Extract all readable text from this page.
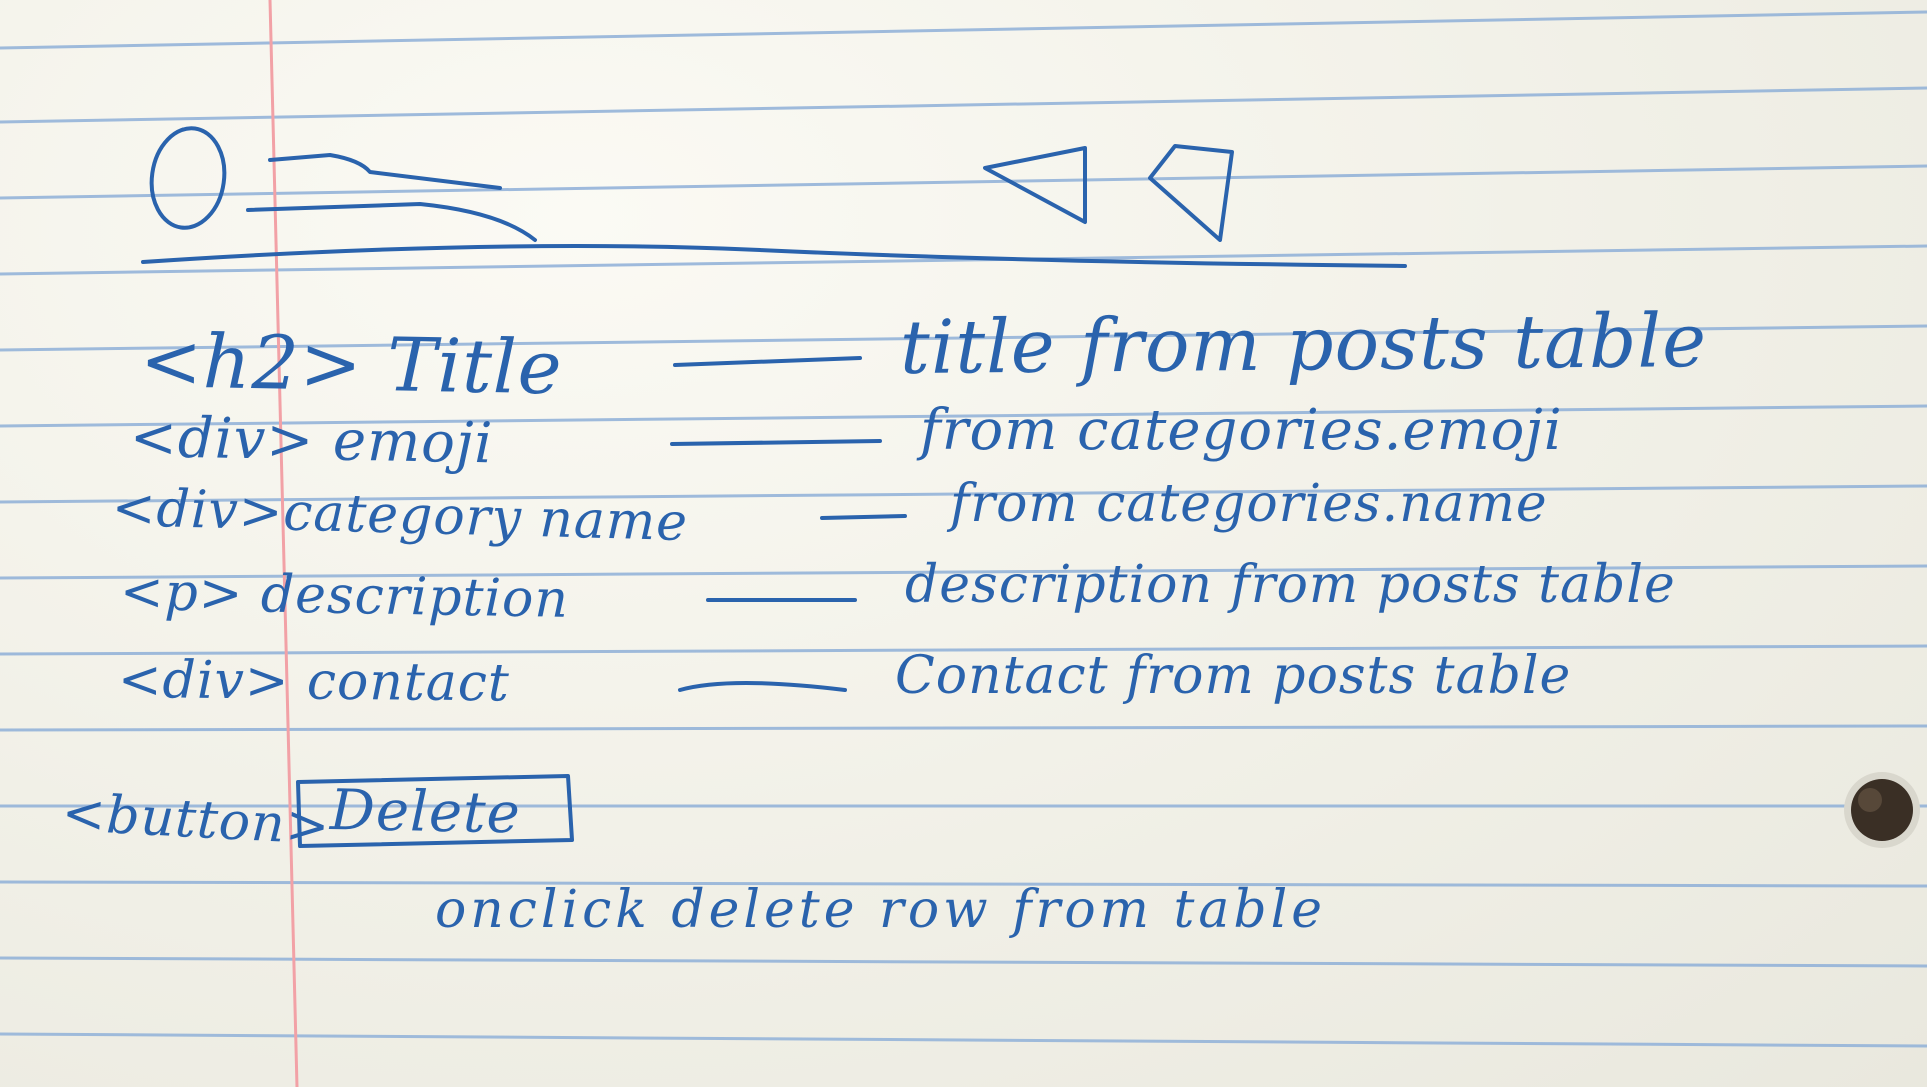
<h2> Title	title from posts table
<div> emoji	from categories.emoji
<div>category name	from categories.name
<p> description	description from posts table
<div> contact	Contact from posts table
<button>
Delete
onclick delete row from table
